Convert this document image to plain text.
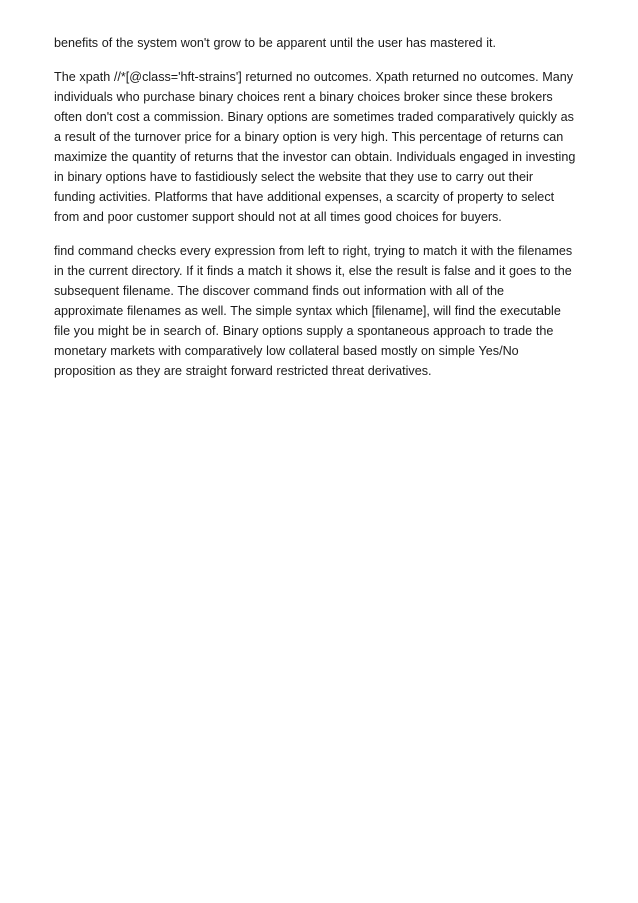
benefits of the system won't grow to be apparent until the user has mastered it.

The xpath //*[@class='hft-strains'] returned no outcomes. Xpath returned no outcomes. Many
individuals who purchase binary choices rent a binary choices broker since these brokers
often don't cost a commission. Binary options are sometimes traded comparatively quickly as
a result of the turnover price for a binary option is very high. This percentage of returns can
maximize the quantity of returns that the investor can obtain. Individuals engaged in investing
in binary options have to fastidiously select the website that they use to carry out their
funding activities. Platforms that have additional expenses, a scarcity of property to select
from and poor customer support should not at all times good choices for buyers.

find command checks every expression from left to right, trying to match it with the filenames
in the current directory. If it finds a match it shows it, else the result is false and it goes to the
subsequent filename. The discover command finds out information with all of the
approximate filenames as well. The simple syntax which [filename], will find the executable
file you might be in search of. Binary options supply a spontaneous approach to trade the
monetary markets with comparatively low collateral based mostly on simple Yes/No
proposition as they are straight forward restricted threat derivatives.
